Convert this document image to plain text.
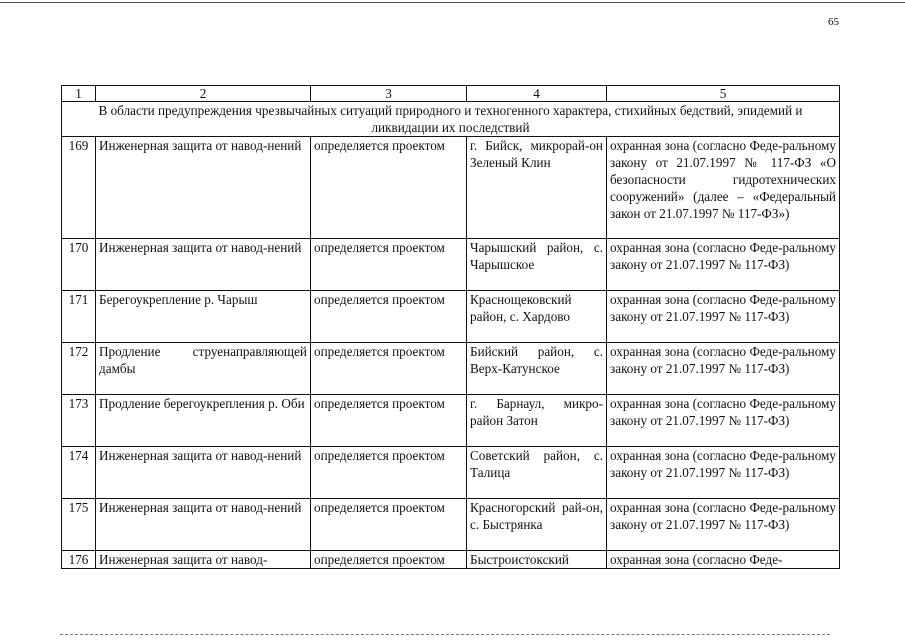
65
1	2	3	4	5
В области предупреждения чрезвычайных ситуаций природного и техногенного характера, стихийных бедствий, эпидемий и ликвидации их последствий				
169	Инженерная защита от навод-нений	определяется проектом	г. Бийск, микрорай-он Зеленый Клин	охранная зона (согласно Феде-ральному закону от 21.07.1997 № 117-ФЗ «О безопасности гидротехнических сооружений» (далее – «Федеральный закон от 21.07.1997 № 117-ФЗ»)
170	Инженерная защита от навод-нений	определяется проектом	Чарышский район, с. Чарышское	охранная зона (согласно Феде-ральному закону от 21.07.1997 № 117-ФЗ)
171	Берегоукрепление р. Чарыш	определяется проектом	Краснощековский район, с. Хардово	охранная зона (согласно Феде-ральному закону от 21.07.1997 № 117-ФЗ)
172	Продление струенаправляющей дамбы	определяется проектом	Бийский район, с. Верх-Катунское	охранная зона (согласно Феде-ральному закону от 21.07.1997 № 117-ФЗ)
173	Продление берегоукрепления р. Оби	определяется проектом	г. Барнаул, микро-район Затон	охранная зона (согласно Феде-ральному закону от 21.07.1997 № 117-ФЗ)
174	Инженерная защита от навод-нений	определяется проектом	Советский район, с. Талица	охранная зона (согласно Феде-ральному закону от 21.07.1997 № 117-ФЗ)
175	Инженерная защита от навод-нений	определяется проектом	Красногорский рай-он, с. Быстрянка	охранная зона (согласно Феде-ральному закону от 21.07.1997 № 117-ФЗ)
176	Инженерная защита от навод-	определяется проектом	Быстроистокский	охранная зона (согласно Феде-
